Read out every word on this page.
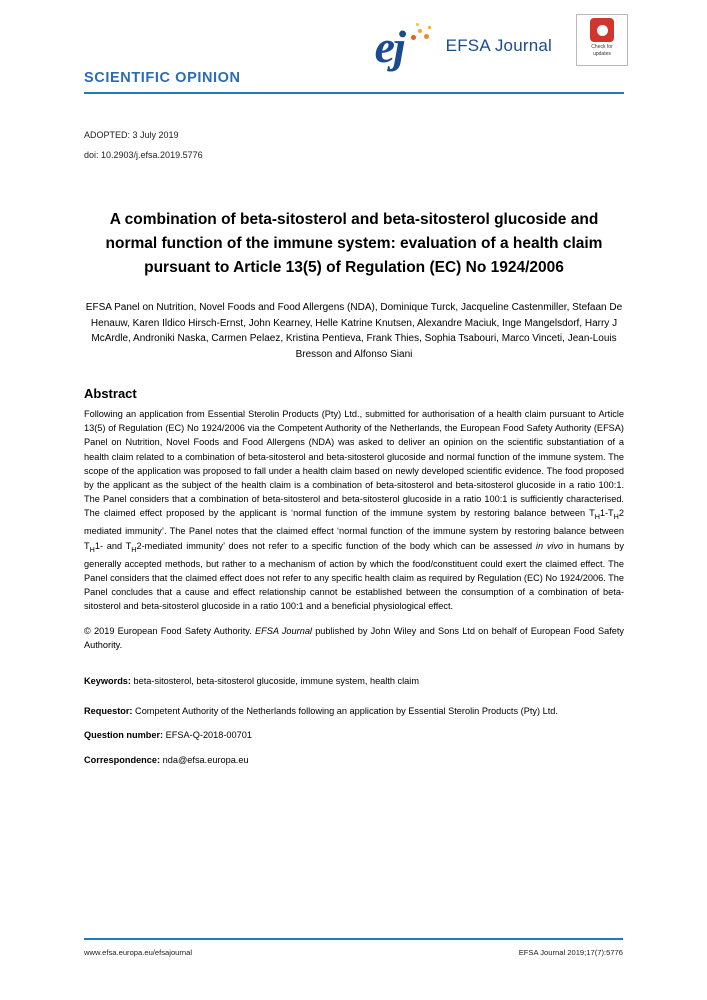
Check for
updates
ej EFSA Journal
SCIENTIFIC OPINION
ADOPTED: 3 July 2019
doi: 10.2903/j.efsa.2019.5776
A combination of beta-sitosterol and beta-sitosterol glucoside and normal function of the immune system: evaluation of a health claim pursuant to Article 13(5) of Regulation (EC) No 1924/2006
EFSA Panel on Nutrition, Novel Foods and Food Allergens (NDA), Dominique Turck, Jacqueline Castenmiller, Stefaan De Henauw, Karen Ildico Hirsch-Ernst, John Kearney, Helle Katrine Knutsen, Alexandre Maciuk, Inge Mangelsdorf, Harry J McArdle, Androniki Naska, Carmen Pelaez, Kristina Pentieva, Frank Thies, Sophia Tsabouri, Marco Vinceti, Jean-Louis Bresson and Alfonso Siani
Abstract

Following an application from Essential Sterolin Products (Pty) Ltd., submitted for authorisation of a health claim pursuant to Article 13(5) of Regulation (EC) No 1924/2006 via the Competent Authority of the Netherlands, the European Food Safety Authority (EFSA) Panel on Nutrition, Novel Foods and Food Allergens (NDA) was asked to deliver an opinion on the scientific substantiation of a health claim related to a combination of beta-sitosterol and beta-sitosterol glucoside and normal function of the immune system. The scope of the application was proposed to fall under a health claim based on newly developed scientific evidence. The food proposed by the applicant as the subject of the health claim is a combination of beta-sitosterol and beta-sitosterol glucoside in a ratio 100:1. The Panel considers that a combination of beta-sitosterol and beta-sitosterol glucoside in a ratio 100:1 is sufficiently characterised. The claimed effect proposed by the applicant is ‘normal function of the immune system by restoring balance between $T_H1-T_H2$ mediated immunity’. The Panel notes that the claimed effect ‘normal function of the immune system by restoring balance between $T_H1-$ and $T_H2$-mediated immunity’ does not refer to a specific function of the body which can be assessed in vivo in humans by generally accepted methods, but rather to a mechanism of action by which the food/constituent could exert the claimed effect. The Panel considers that the claimed effect does not refer to any specific health claim as required by Regulation (EC) No 1924/2006. The Panel concludes that a cause and effect relationship cannot be established between the consumption of a combination of beta-sitosterol and beta-sitosterol glucoside in a ratio 100:1 and a beneficial physiological effect.

© 2019 European Food Safety Authority. EFSA Journal published by John Wiley and Sons Ltd on behalf of European Food Safety Authority.

Keywords: beta-sitosterol, beta-sitosterol glucoside, immune system, health claim

Requestor: Competent Authority of the Netherlands following an application by Essential Sterolin Products (Pty) Ltd.

Question number: EFSA-Q-2018-00701

Correspondence: nda@efsa.europa.eu

www.efsa.europa.eu/efsajournal	EFSA Journal 2019;17(7):5776
